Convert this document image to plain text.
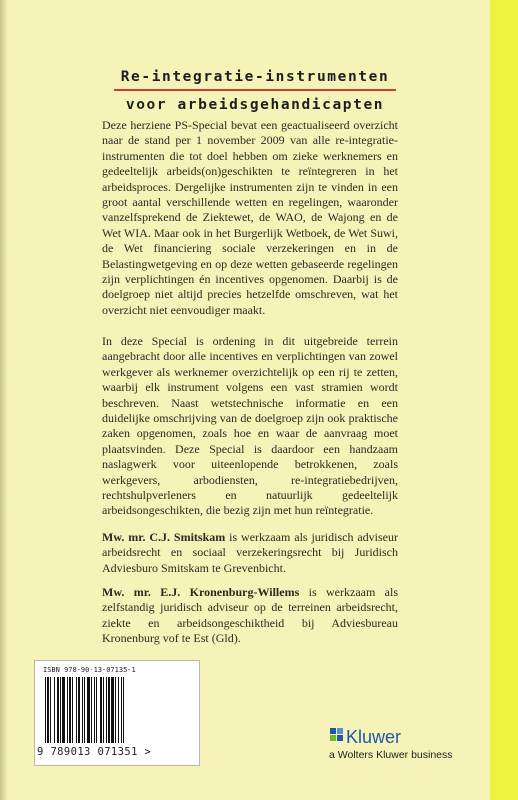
Re-integratie-instrumenten
voor arbeidsgehandicapten

Deze herziene PS-Special bevat een geactualiseerd overzicht naar de stand per 1 november 2009 van alle re-integratie-instrumenten die tot doel hebben om zieke werknemers en gedeeltelijk arbeids(on)geschikten te reïntegreren in het arbeidsproces. Dergelijke instrumenten zijn te vinden in een groot aantal verschillende wetten en regelingen, waaronder vanzelfsprekend de Ziektewet, de WAO, de Wajong en de Wet WIA. Maar ook in het Burgerlijk Wetboek, de Wet Suwi, de Wet financiering sociale verzekeringen en in de Belastingwetgeving en op deze wetten gebaseerde regelingen zijn verplichtingen én incentives opgenomen. Daarbij is de doelgroep niet altijd precies hetzelfde omschreven, wat het overzicht niet eenvoudiger maakt.

In deze Special is ordening in dit uitgebreide terrein aangebracht door alle incentives en verplichtingen van zowel werkgever als werknemer overzichtelijk op een rij te zetten, waarbij elk instrument volgens een vast stramien wordt beschreven. Naast wetstechnische informatie en een duidelijke omschrijving van de doelgroep zijn ook praktische zaken opgenomen, zoals hoe en waar de aanvraag moet plaatsvinden. Deze Special is daardoor een handzaam naslagwerk voor uiteenlopende betrokkenen, zoals werkgevers, arbodiensten, re-integratiebedrijven, rechtshulpverleners en natuurlijk gedeeltelijk arbeidsongeschikten, die bezig zijn met hun reïntegratie.

Mw. mr. C.J. Smitskam is werkzaam als juridisch adviseur arbeidsrecht en sociaal verzekeringsrecht bij Juridisch Adviesburo Smitskam te Grevenbicht.

Mw. mr. E.J. Kronenburg-Willems is werkzaam als zelfstandig juridisch adviseur op de terreinen arbeidsrecht, ziekte en arbeidsongeschiktheid bij Adviesbureau Kronenburg vof te Est (Gld).

ISBN 978-90-13-07135-1
9 789013 071351 >
Kluwer
a Wolters Kluwer business
